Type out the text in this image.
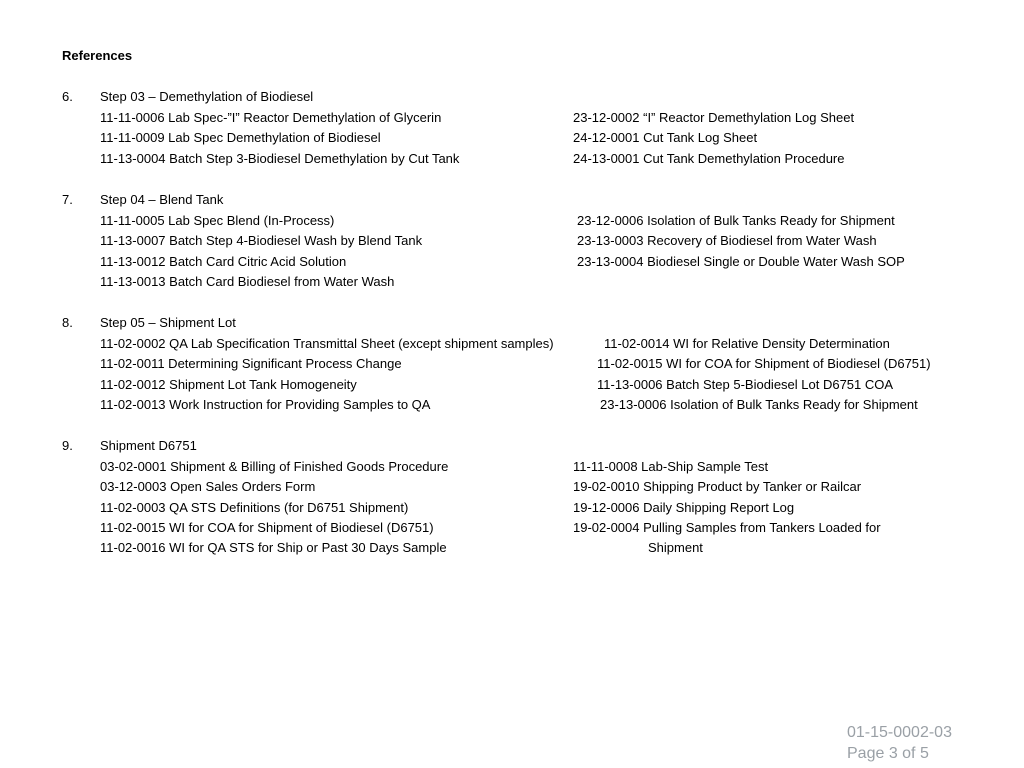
References
6. Step 03 – Demethylation of Biodiesel
11-11-0006 Lab Spec-”I” Reactor Demethylation of Glycerin	23-12-0002 “I” Reactor Demethylation Log Sheet
11-11-0009 Lab Spec Demethylation of Biodiesel	24-12-0001 Cut Tank Log Sheet
11-13-0004 Batch Step 3-Biodiesel Demethylation by Cut Tank	24-13-0001 Cut Tank Demethylation Procedure
7. Step 04 – Blend Tank
11-11-0005 Lab Spec Blend (In-Process)	23-12-0006 Isolation of Bulk Tanks Ready for Shipment
11-13-0007 Batch Step 4-Biodiesel Wash by Blend Tank	23-13-0003 Recovery of Biodiesel from Water Wash
11-13-0012 Batch Card Citric Acid Solution	23-13-0004 Biodiesel Single or Double Water Wash SOP
11-13-0013 Batch Card Biodiesel from Water Wash
8. Step 05 – Shipment Lot
11-02-0002 QA Lab Specification Transmittal Sheet (except shipment samples)	11-02-0014 WI for Relative Density Determination
11-02-0011 Determining Significant Process Change	11-02-0015 WI for COA for Shipment of Biodiesel (D6751)
11-02-0012 Shipment Lot Tank Homogeneity	11-13-0006 Batch Step 5-Biodiesel Lot D6751 COA
11-02-0013 Work Instruction for Providing Samples to QA	23-13-0006 Isolation of Bulk Tanks Ready for Shipment
9. Shipment D6751
03-02-0001 Shipment & Billing of Finished Goods Procedure	11-11-0008 Lab-Ship Sample Test
03-12-0003 Open Sales Orders Form	19-02-0010 Shipping Product by Tanker or Railcar
11-02-0003 QA STS Definitions (for D6751 Shipment)	19-12-0006 Daily Shipping Report Log
11-02-0015 WI for COA for Shipment of Biodiesel (D6751)	19-02-0004 Pulling Samples from Tankers Loaded for
11-02-0016 WI for QA STS for Ship or Past 30 Days Sample	Shipment
01-15-0002-03
Page 3 of 5
